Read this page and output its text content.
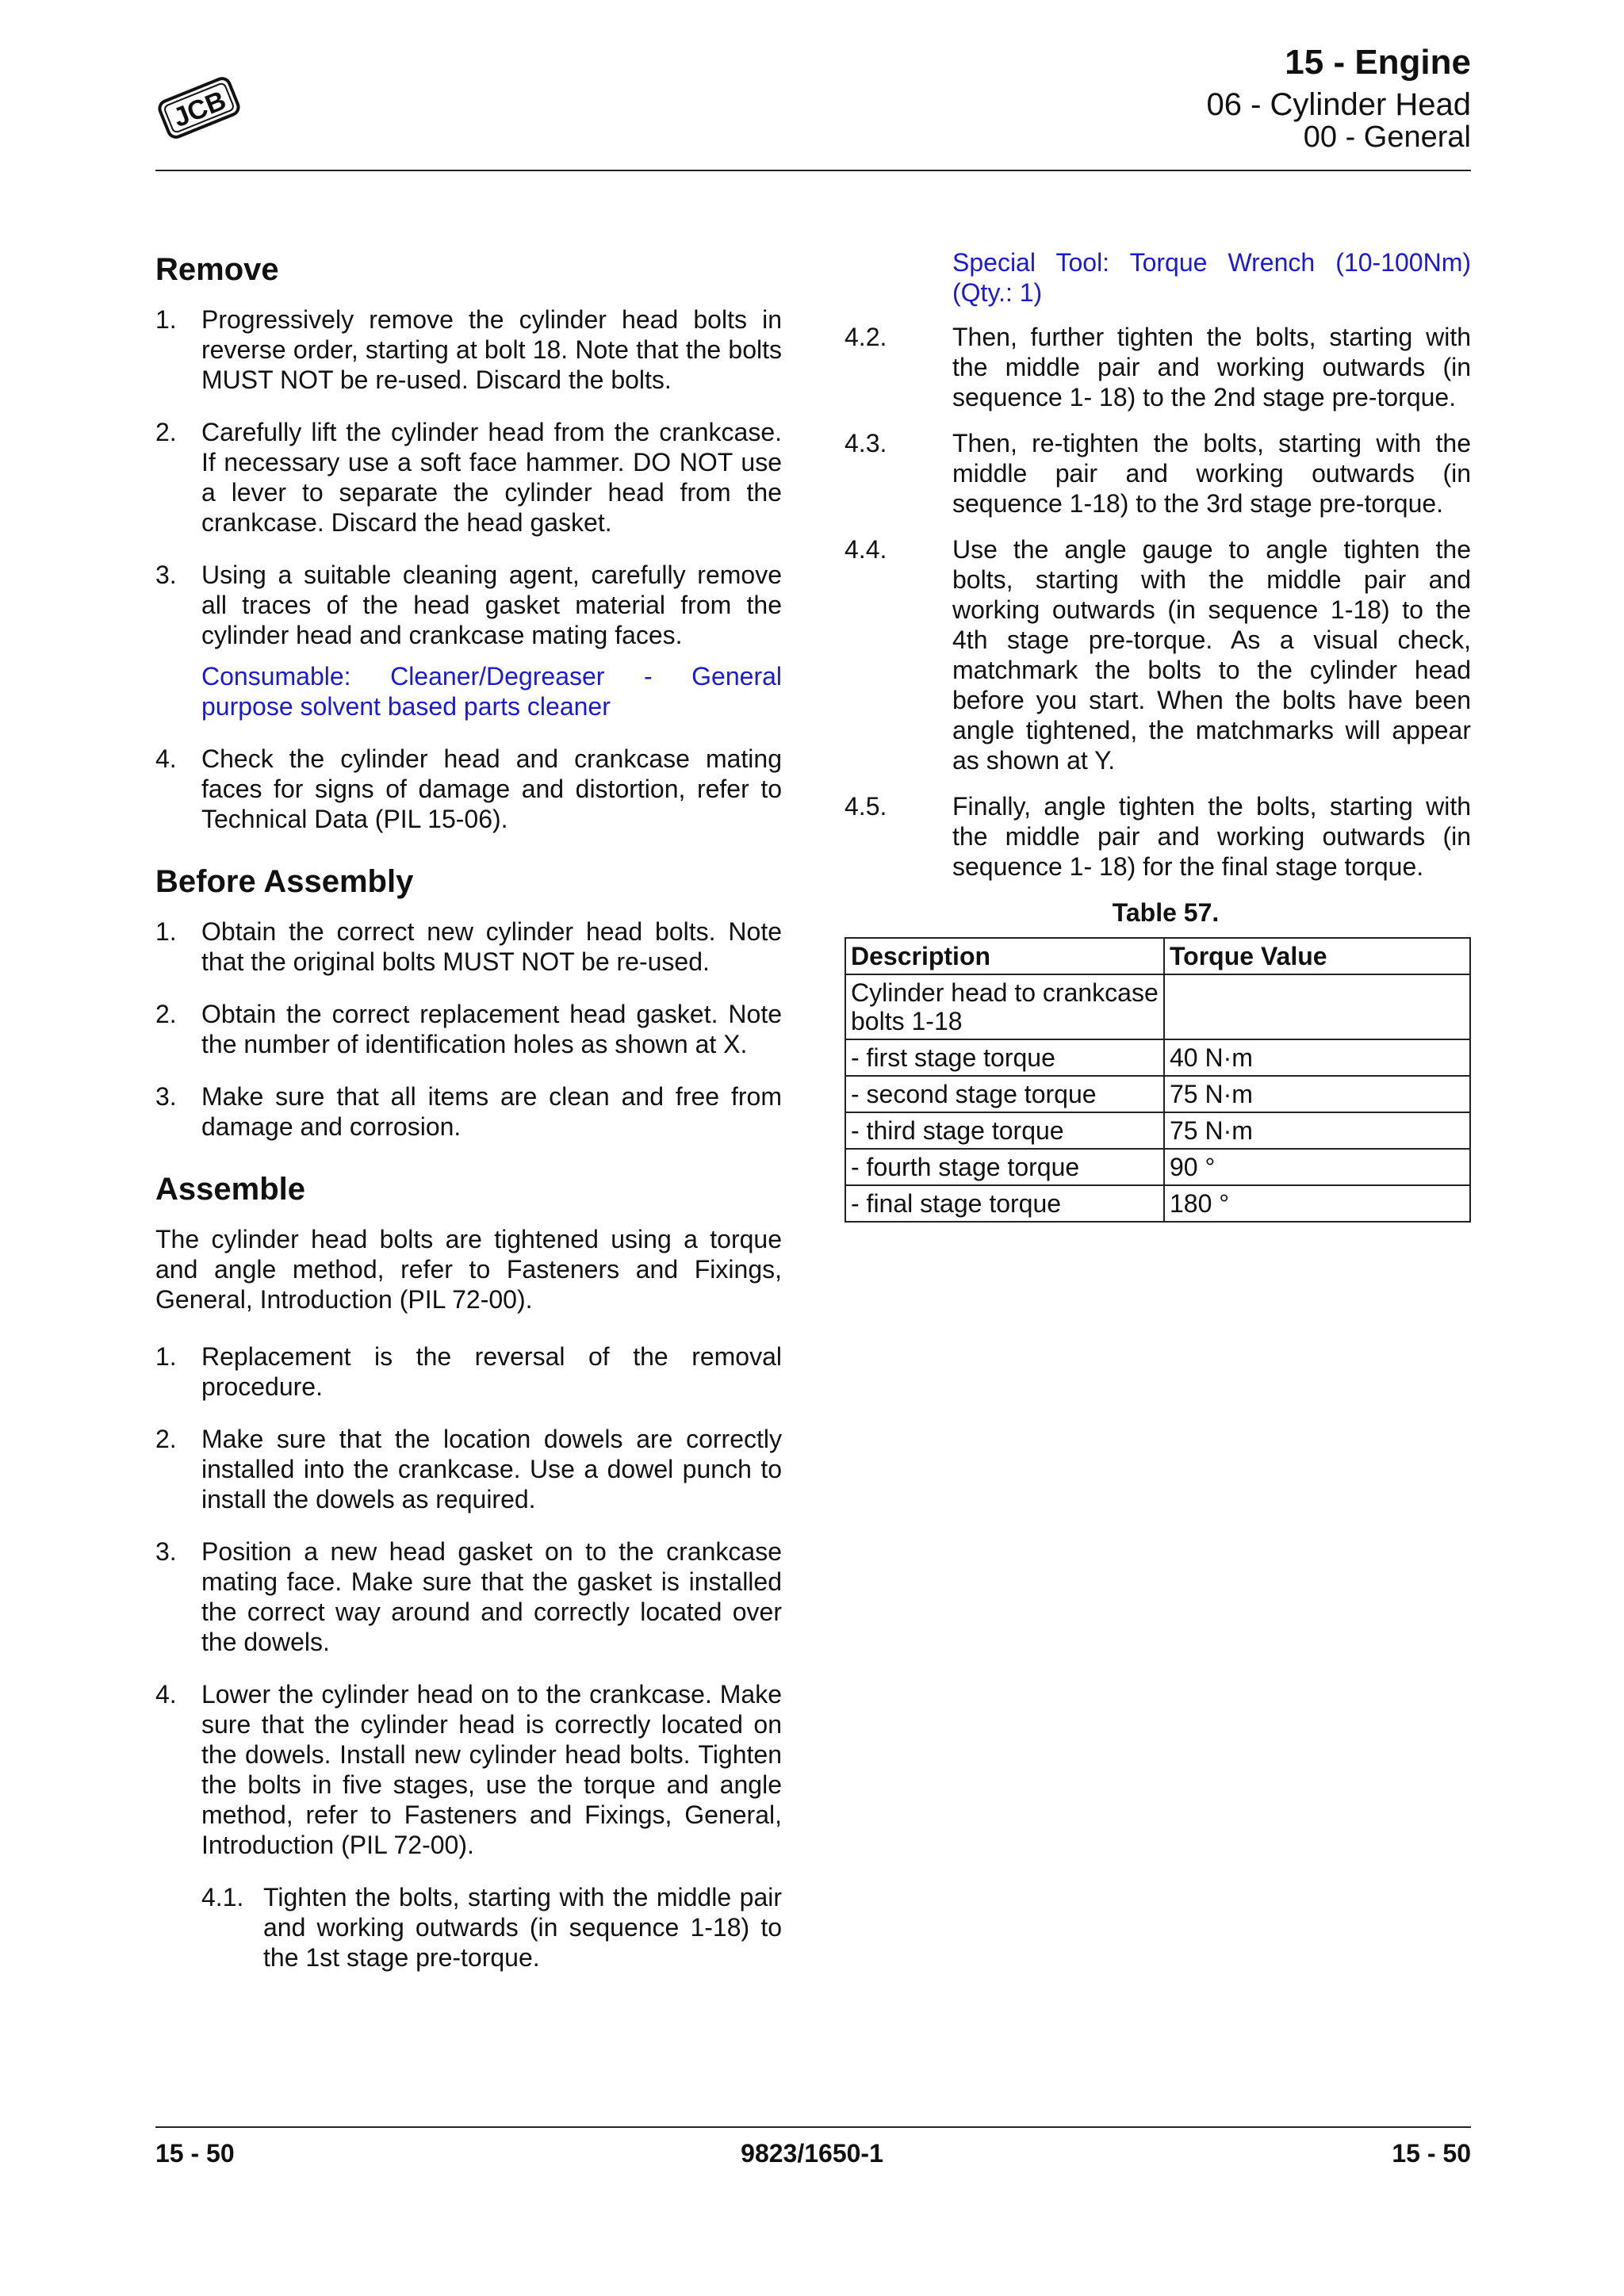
JCB
15 - Engine
06 - Cylinder Head
00 - General
Remove
1. Progressively remove the cylinder head bolts in reverse order, starting at bolt 18. Note that the bolts MUST NOT be re-used. Discard the bolts.
2. Carefully lift the cylinder head from the crankcase. If necessary use a soft face hammer. DO NOT use a lever to separate the cylinder head from the crankcase. Discard the head gasket.
3. Using a suitable cleaning agent, carefully remove all traces of the head gasket material from the cylinder head and crankcase mating faces.
Consumable: Cleaner/Degreaser - General purpose solvent based parts cleaner
4. Check the cylinder head and crankcase mating faces for signs of damage and distortion, refer to Technical Data (PIL 15-06).
Before Assembly
1. Obtain the correct new cylinder head bolts. Note that the original bolts MUST NOT be re-used.
2. Obtain the correct replacement head gasket. Note the number of identification holes as shown at X.
3. Make sure that all items are clean and free from damage and corrosion.
Assemble
The cylinder head bolts are tightened using a torque and angle method, refer to Fasteners and Fixings, General, Introduction (PIL 72-00).
1. Replacement is the reversal of the removal procedure.
2. Make sure that the location dowels are correctly installed into the crankcase. Use a dowel punch to install the dowels as required.
3. Position a new head gasket on to the crankcase mating face. Make sure that the gasket is installed the correct way around and correctly located over the dowels.
4. Lower the cylinder head on to the crankcase. Make sure that the cylinder head is correctly located on the dowels. Install new cylinder head bolts. Tighten the bolts in five stages, use the torque and angle method, refer to Fasteners and Fixings, General, Introduction (PIL 72-00).
4.1. Tighten the bolts, starting with the middle pair and working outwards (in sequence 1-18) to the 1st stage pre-torque.
Special Tool: Torque Wrench (10-100Nm) (Qty.: 1)
4.2.	Then, further tighten the bolts, starting with the middle pair and working outwards (in sequence 1- 18) to the 2nd stage pre-torque.
4.3.	Then, re-tighten the bolts, starting with the middle pair and working outwards (in sequence 1-18) to the 3rd stage pre-torque.
4.4.	Use the angle gauge to angle tighten the bolts, starting with the middle pair and working outwards (in sequence 1-18) to the 4th stage pre-torque. As a visual check, matchmark the bolts to the cylinder head before you start. When the bolts have been angle tightened, the matchmarks will appear as shown at Y.
4.5.	Finally, angle tighten the bolts, starting with the middle pair and working outwards (in sequence 1- 18) for the final stage torque.
Table 57.
Description	Torque Value
Cylinder head to crankcase bolts 1-18	
- first stage torque	40 N·m
- second stage torque	75 N·m
- third stage torque	75 N·m
- fourth stage torque	90 °
- final stage torque	180 °
15 - 50	9823/1650-1	15 - 50
